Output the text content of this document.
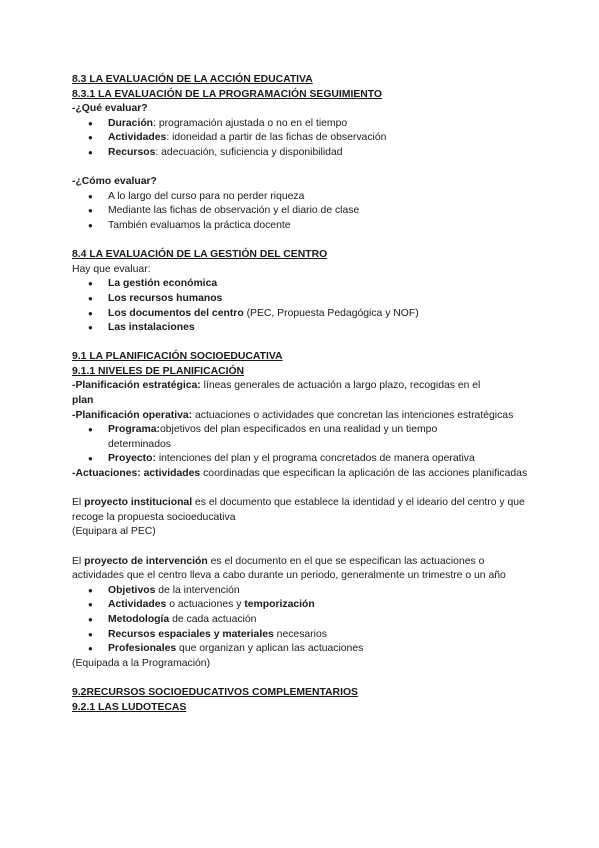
8.3 LA EVALUACIÓN DE LA ACCIÓN EDUCATIVA

8.3.1 LA EVALUACIÓN DE LA PROGRAMACIÓN SEGUIMIENTO

-¿Qué evaluar?

● Duración: programación ajustada o no en el tiempo
● Actividades: idoneidad a partir de las fichas de observación
● Recursos: adecuación, suficiencia y disponibilidad

-¿Cómo evaluar?

● A lo largo del curso para no perder riqueza
● Mediante las fichas de observación y el diario de clase
● También evaluamos la práctica docente

8.4 LA EVALUACIÓN DE LA GESTIÓN DEL CENTRO

Hay que evaluar:

● La gestión económica
● Los recursos humanos
● Los documentos del centro (PEC, Propuesta Pedagógica y NOF)
● Las instalaciones

9.1 LA PLANIFICACIÓN SOCIOEDUCATIVA

9.1.1 NIVELES DE PLANIFICACIÓN

-Planificación estratégica: líneas generales de actuación a largo plazo, recogidas en el
plan

-Planificación operativa: actuaciones o actividades que concretan las intenciones estratégicas

● Programa:objetivos del plan especificados en una realidad y un tiempo determinados
● Proyecto: intenciones del plan y el programa concretados de manera operativa

-Actuaciones: actividades coordinadas que especifican la aplicación de las acciones planificadas

El proyecto institucional es el documento que establece la identidad y el ideario del centro y que recoge la propuesta socioeducativa

(Equipara al PEC)

El proyecto de intervención es el documento en el que se especifican las actuaciones o actividades que el centro lleva a cabo durante un periodo, generalmente un trimestre o un año

● Objetivos de la intervención
● Actividades o actuaciones y temporización
● Metodología de cada actuación
● Recursos espaciales y materiales necesarios
● Profesionales que organizan y aplican las actuaciones

(Equipada a la Programación)

9.2RECURSOS SOCIOEDUCATIVOS COMPLEMENTARIOS

9.2.1 LAS LUDOTECAS
